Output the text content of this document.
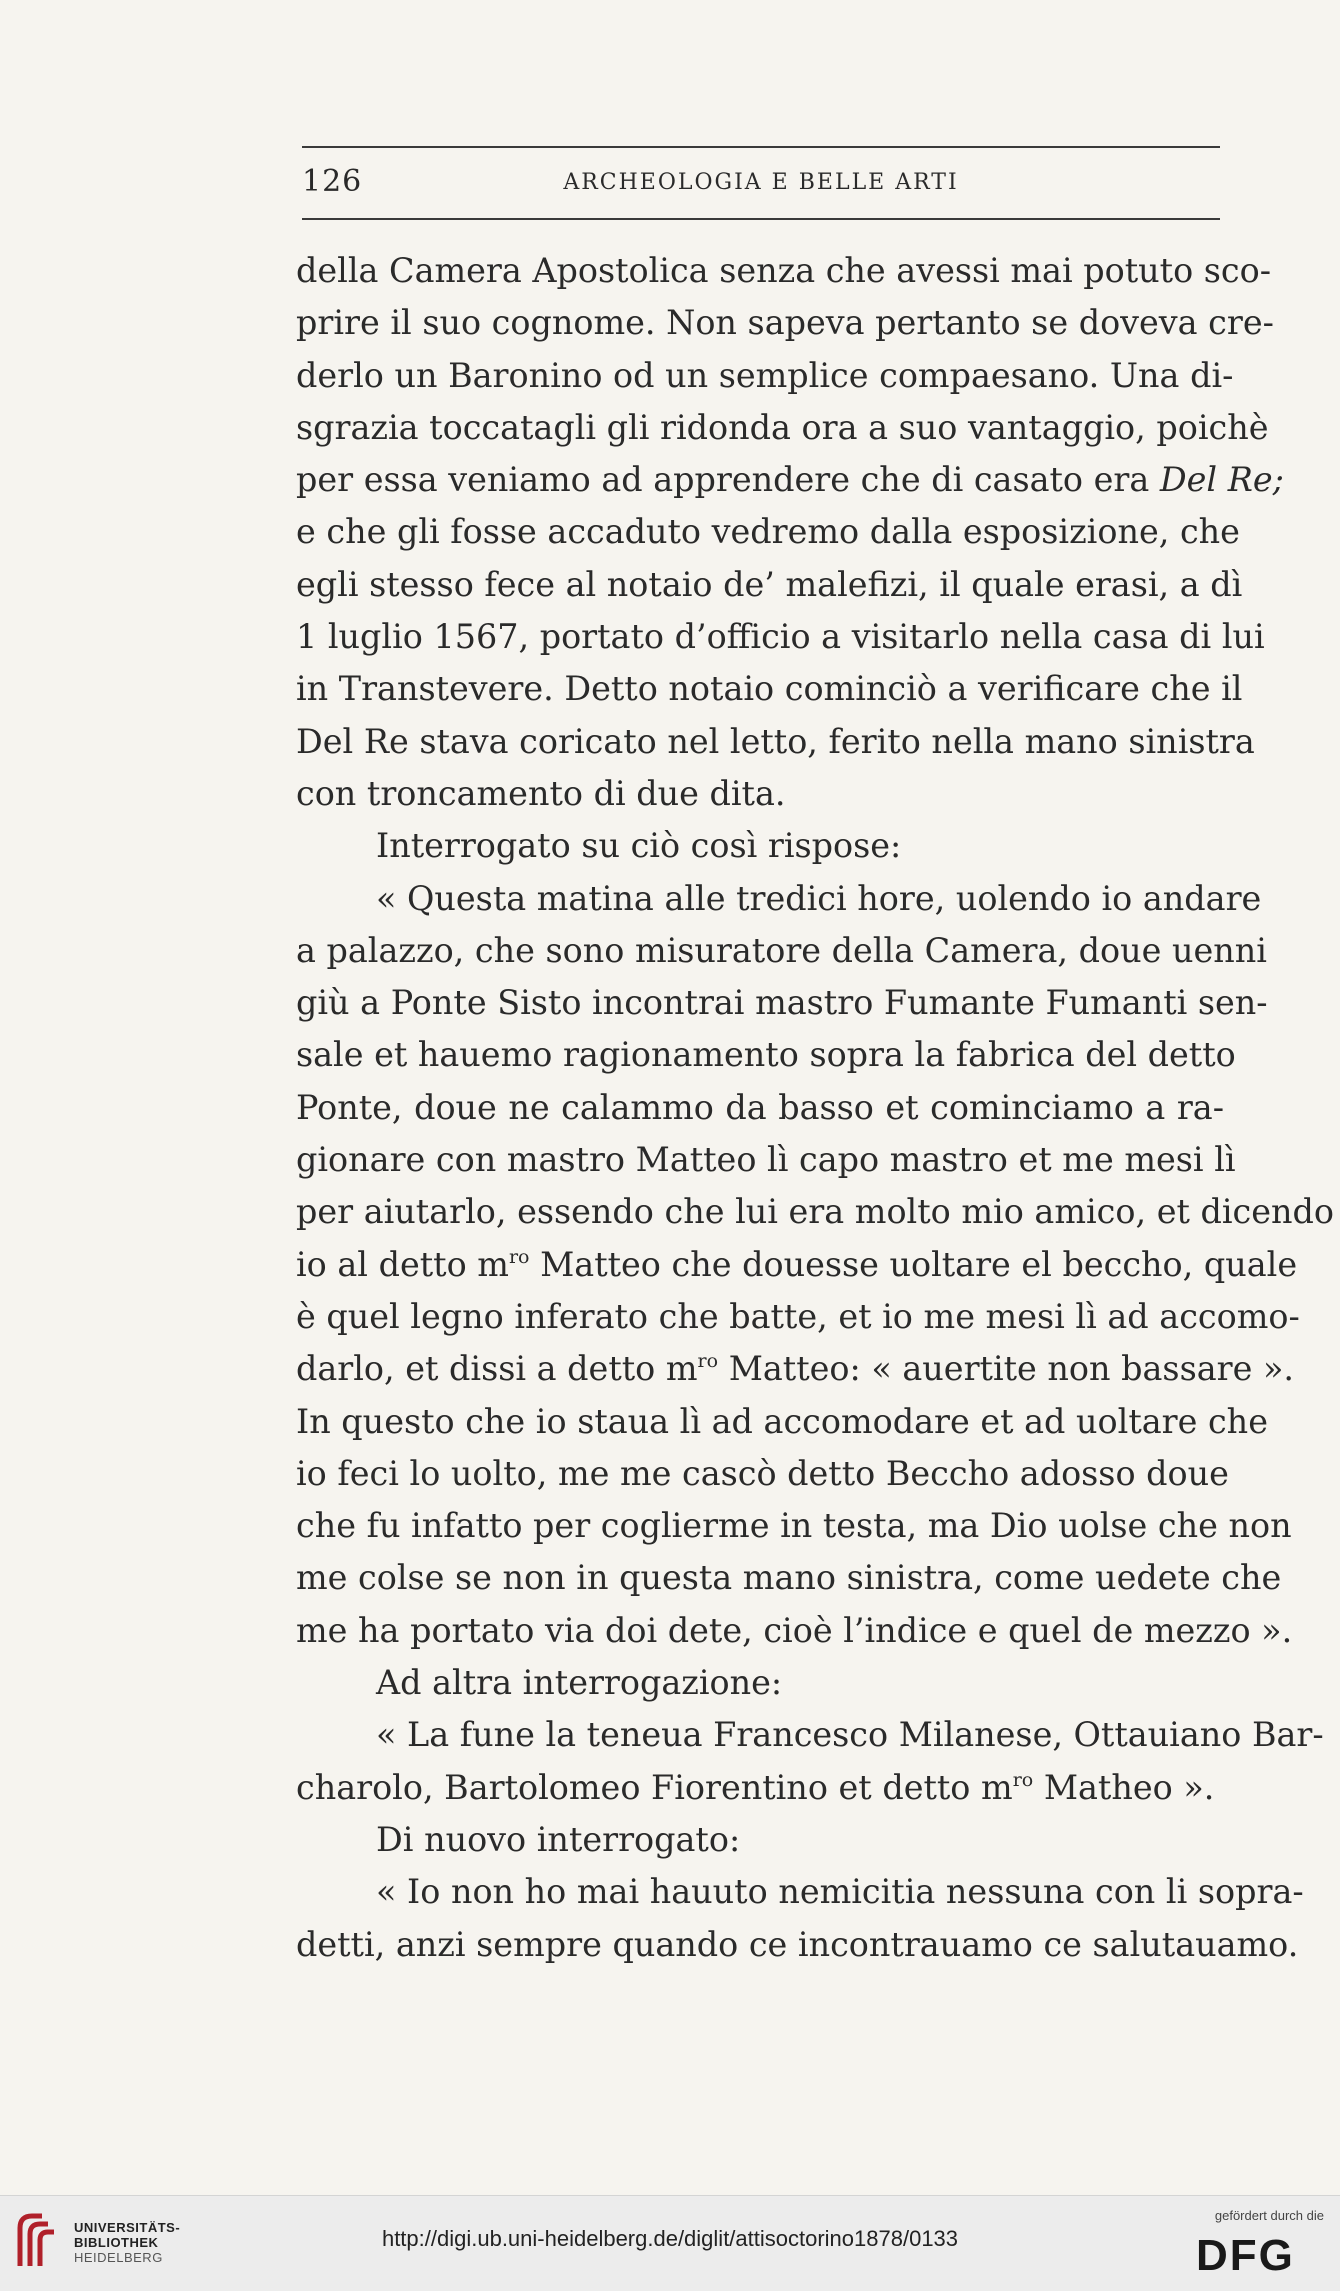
126	ARCHEOLOGIA E BELLE ARTI
della Camera Apostolica senza che avessi mai potuto sco-
prire il suo cognome. Non sapeva pertanto se doveva cre-
derlo un Baronino od un semplice compaesano. Una di-
sgrazia toccatagli gli ridonda ora a suo vantaggio, poichè
per essa veniamo ad apprendere che di casato era Del Re;
e che gli fosse accaduto vedremo dalla esposizione, che
egli stesso fece al notaio de’ malefizi, il quale erasi, a dì
1 luglio 1567, portato d’officio a visitarlo nella casa di lui
in Transtevere. Detto notaio cominciò a verificare che il
Del Re stava coricato nel letto, ferito nella mano sinistra
con troncamento di due dita.
Interrogato su ciò così rispose:
« Questa matina alle tredici hore, uolendo io andare
a palazzo, che sono misuratore della Camera, doue uenni
giù a Ponte Sisto incontrai mastro Fumante Fumanti sen-
sale et hauemo ragionamento sopra la fabrica del detto
Ponte, doue ne calammo da basso et cominciamo a ra-
gionare con mastro Matteo lì capo mastro et me mesi lì
per aiutarlo, essendo che lui era molto mio amico, et dicendo
io al detto $m^{ro}$ Matteo che douesse uoltare el beccho, quale
è quel legno inferato che batte, et io me mesi lì ad accomo-
darlo, et dissi a detto $m^{ro}$ Matteo: « auertite non bassare ».
In questo che io staua lì ad accomodare et ad uoltare che
io feci lo uolto, me me cascò detto Beccho adosso doue
che fu infatto per coglierme in testa, ma Dio uolse che non
me colse se non in questa mano sinistra, come uedete che
me ha portato via doi dete, cioè l’indice e quel de mezzo ».
Ad altra interrogazione:
« La fune la teneua Francesco Milanese, Ottauiano Bar-
charolo, Bartolomeo Fiorentino et detto $m^{ro}$ Matheo ».
Di nuovo interrogato:
« Io non ho mai hauuto nemicitia nessuna con li sopra-
detti, anzi sempre quando ce incontrauamo ce salutauamo.
UNIVERSITÄTS-
BIBLIOTHEK
HEIDELBERG
http://digi.ub.uni-heidelberg.de/diglit/attisoctorino1878/0133
gefördert durch die
DFG
